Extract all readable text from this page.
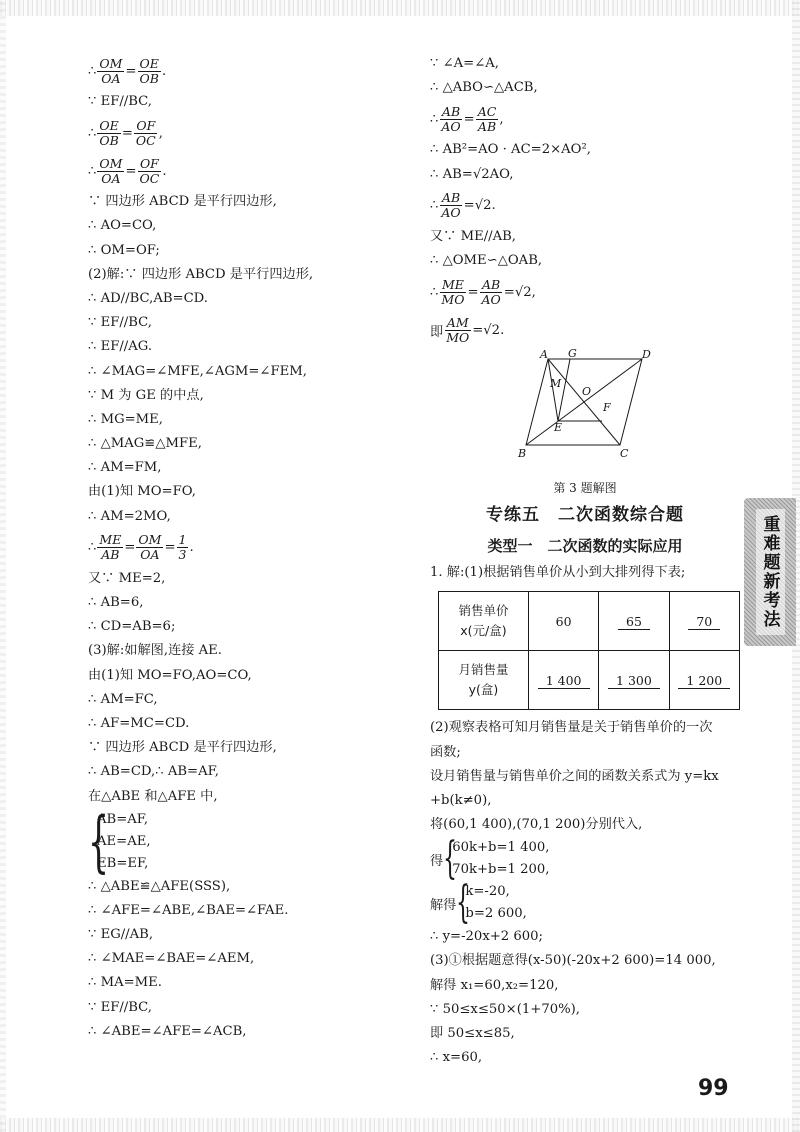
∴ $\frac{OM}{OA} = \frac{OE}{OB}$ .
∵ EF//BC,
∴ $\frac{OE}{OB} = \frac{OF}{OC}$ ,
∴ $\frac{OM}{OA} = \frac{OF}{OC}$ .
∵ 四边形 ABCD 是平行四边形,
∴ AO=CO,
∴ OM=OF;
(2)解:∵ 四边形 ABCD 是平行四边形,
∴ AD//BC,AB=CD.
∵ EF//BC,
∴ EF//AG.
∴ ∠MAG=∠MFE,∠AGM=∠FEM,
∵ M 为 GE 的中点,
∴ MG=ME,
∴ △MAG≌△MFE,
∴ AM=FM,
由(1)知 MO=FO,
∴ AM=2MO,
∴ $\frac{ME}{AB} = \frac{OM}{OA} = \frac{1}{3}$ .
又∵ ME=2,
∴ AB=6,
∴ CD=AB=6;
(3)解:如解图,连接 AE.
由(1)知 MO=FO,AO=CO,
∴ AM=FC,
∴ AF=MC=CD.
∵ 四边形 ABCD 是平行四边形,
∴ AB=CD,∴ AB=AF,
在△ABE 和△AFE 中,
{
AB=AF,
AE=AE,
EB=EF,
∴ △ABE≌△AFE(SSS),
∴ ∠AFE=∠ABE,∠BAE=∠FAE.
∵ EG//AB,
∴ ∠MAE=∠BAE=∠AEM,
∴ MA=ME.
∵ EF//BC,
∴ ∠ABE=∠AFE=∠ACB,
∵ ∠A=∠A,
∴ △ABO∽△ACB,
∴ $\frac{AB}{AO} = \frac{AC}{AB}$ ,
∴ AB²=AO · AC=2×AO²,
∴ AB=√2AO,
∴ $\frac{AB}{AO} =√2$.
又∵ ME//AB,
∴ △OME∽△OAB,
∴ $\frac{ME}{MO} = \frac{AB}{AO} =√2$,
即 $\frac{AM}{MO} =√2$.
A G	D
M
O
F
E
B	C
第 3 题解图
专练五　二次函数综合题
类型一　二次函数的实际应用
1. 解:(1)根据销售单价从小到大排列得下表;
销售单价
x(元/盒)	60	65	70

月销售量
y(盒)	1 400	1 300	1 200
(2)观察表格可知月销售量是关于销售单价的一次
函数;
设月销售量与销售单价之间的函数关系式为 y=kx
+b(k≠0),
将(60,1 400),(70,1 200)分别代入,
得 {
60k+b=1 400,
70k+b=1 200,
解得 {
k=-20,
b=2 600,
∴ y=-20x+2 600;
(3)①根据题意得(x-50)(-20x+2 600)=14 000,
解得 x₁=60,x₂=120,
∵ 50≤x≤50×(1+70%),
即 50≤x≤85,
∴ x=60,
重难题新考法
99
